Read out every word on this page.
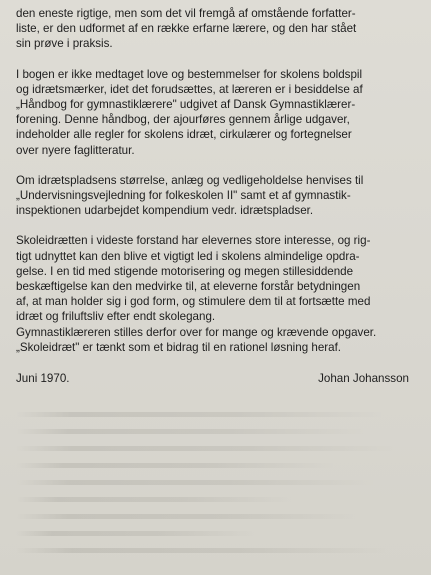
den eneste rigtige, men som det vil fremgå af omstående forfatter-
liste, er den udformet af en række erfarne lærere, og den har stået
sin prøve i praksis.

I bogen er ikke medtaget love og bestemmelser for skolens boldspil
og idrætsmærker, idet det forudsættes, at læreren er i besiddelse af
„Håndbog for gymnastiklærere" udgivet af Dansk Gymnastiklærer-
forening. Denne håndbog, der ajourføres gennem årlige udgaver,
indeholder alle regler for skolens idræt, cirkulærer og fortegnelser
over nyere faglitteratur.

Om idrætspladsens størrelse, anlæg og vedligeholdelse henvises til
„Undervisningsvejledning for folkeskolen II" samt et af gymnastik-
inspektionen udarbejdet kompendium vedr. idrætspladser.

Skoleidrætten i videste forstand har elevernes store interesse, og rig-
tigt udnyttet kan den blive et vigtigt led i skolens almindelige opdra-
gelse. I en tid med stigende motorisering og megen stillesiddende
beskæftigelse kan den medvirke til, at eleverne forstår betydningen
af, at man holder sig i god form, og stimulere dem til at fortsætte med
idræt og friluftsliv efter endt skolegang.
Gymnastiklæreren stilles derfor over for mange og krævende opgaver.
„Skoleidræt" er tænkt som et bidrag til en rationel løsning heraf.

Juni 1970.	Johan Johansson
